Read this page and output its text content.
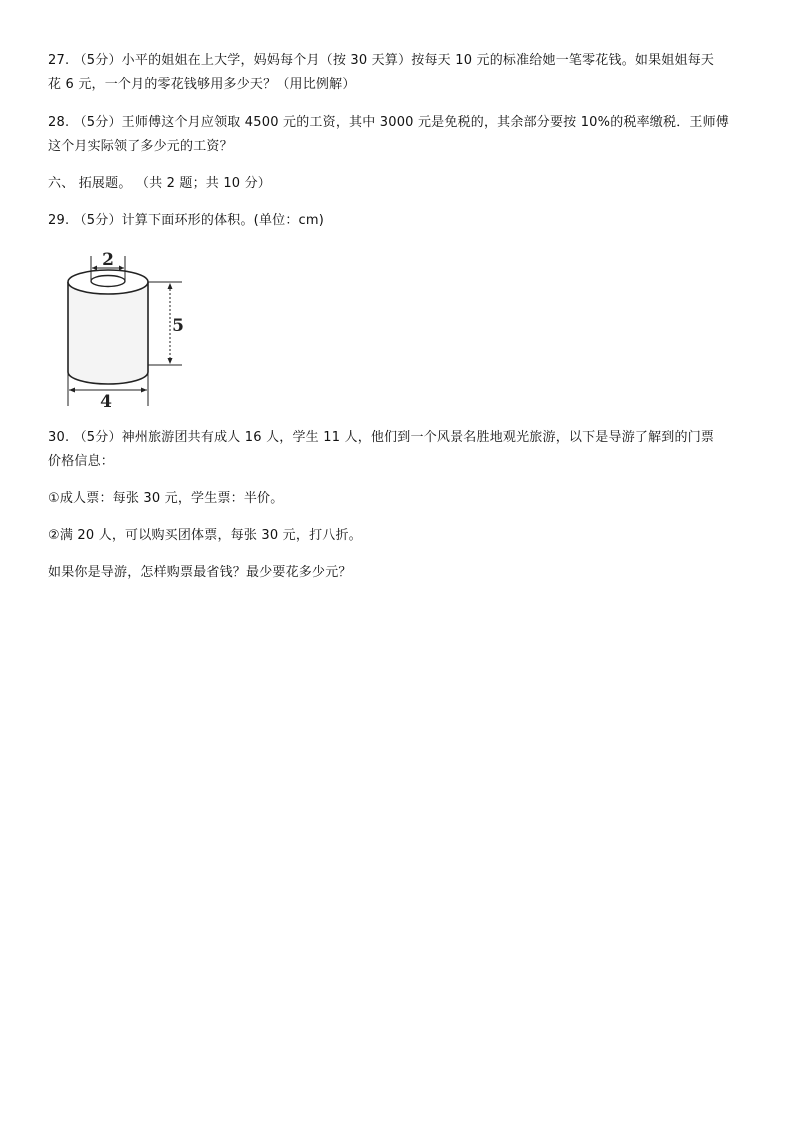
27. （5分）小平的姐姐在上大学，妈妈每个月（按 30 天算）按每天 10 元的标准给她一笔零花钱。如果姐姐每天
花 6 元，一个月的零花钱够用多少天？（用比例解）
28. （5分）王师傅这个月应领取 4500 元的工资，其中 3000 元是免税的，其余部分要按 10%的税率缴税．王师傅
这个月实际领了多少元的工资？
六、 拓展题。 （共 2 题；共 10 分）
29. （5分）计算下面环形的体积。(单位：cm)
2
5
4
30. （5分）神州旅游团共有成人 16 人，学生 11 人，他们到一个风景名胜地观光旅游，以下是导游了解到的门票
价格信息：
①成人票：每张 30 元，学生票：半价。
②满 20 人，可以购买团体票，每张 30 元，打八折。
如果你是导游，怎样购票最省钱？最少要花多少元？
